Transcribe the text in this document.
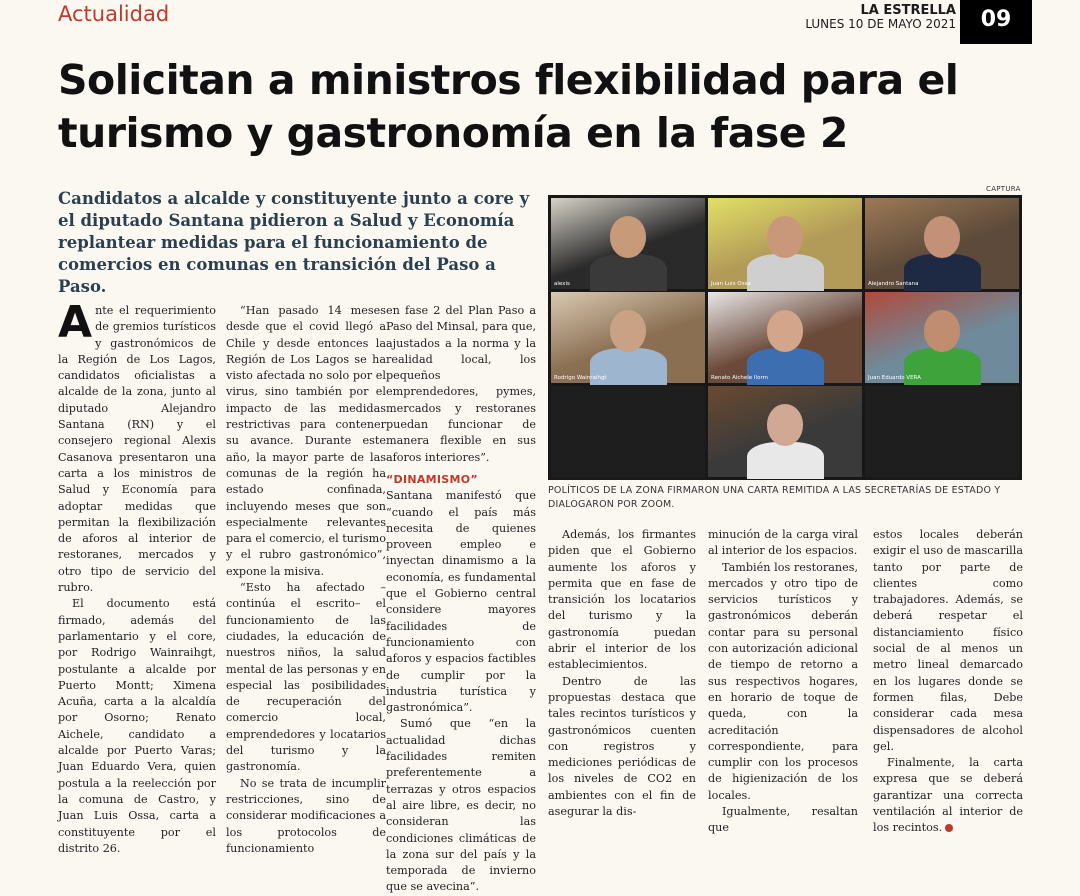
Actualidad	LA ESTRELLA
LUNES 10 DE MAYO 2021	09
Solicitan a ministros flexibilidad para el turismo y gastronomía en la fase 2
Candidatos a alcalde y constituyente junto a core y el diputado Santana pidieron a Salud y Economía replantear medidas para el funcionamiento de comercios en comunas en transición del Paso a Paso.
CAPTURA
alexis	Juan Luis Ossa	Alejandro Santana
Rodrigo Wainraihgt	Renato Aichele Ilorm	Juan Eduardo VERA
POLÍTICOS DE LA ZONA FIRMARON UNA CARTA REMITIDA A LAS SECRETARÍAS DE ESTADO Y DIALOGARON POR ZOOM.

Ante el requerimiento de gremios turísticos y gastronómicos de la Región de Los Lagos, candidatos oficialistas a alcalde de la zona, junto al diputado Alejandro Santana (RN) y el consejero regional Alexis Casanova presentaron una carta a los ministros de Salud y Economía para adoptar medidas que permitan la flexibilización de aforos al interior de restoranes, mercados y otro tipo de servicio del rubro.

El documento está firmado, además del parlamentario y el core, por Rodrigo Wainraihgt, postulante a alcalde por Puerto Montt; Ximena Acuña, carta a la alcaldía por Osorno; Renato Aichele, candidato a alcalde por Puerto Varas; Juan Eduardo Vera, quien postula a la reelección por la comuna de Castro, y Juan Luis Ossa, carta a constituyente por el distrito 26.

“Han pasado 14 meses desde que el covid llegó a Chile y desde entonces la Región de Los Lagos se ha visto afectada no solo por el virus, sino también por el impacto de las medidas restrictivas para contener su avance. Durante este año, la mayor parte de las comunas de la región ha estado confinada, incluyendo meses que son especialmente relevantes para el comercio, el turismo y el rubro gastronómico”, expone la misiva.

“Esto ha afectado –continúa el escrito– el funcionamiento de las ciudades, la educación de nuestros niños, la salud mental de las personas y en especial las posibilidades de recuperación del comercio local, emprendedores y locatarios del turismo y la gastronomía.

No se trata de incumplir restricciones, sino de considerar modificaciones a los protocolos de funcionamiento

en fase 2 del Plan Paso a Paso del Minsal, para que, ajustados a la norma y la realidad local, los pequeños emprendedores, pymes, mercados y restoranes puedan funcionar de manera flexible en sus aforos interiores”.

“DINAMISMO”

Santana manifestó que “cuando el país más necesita de quienes proveen empleo e inyectan dinamismo a la economía, es fundamental que el Gobierno central considere mayores facilidades de funcionamiento con aforos y espacios factibles de cumplir por la industria turística y gastronómica”.

Sumó que “en la actualidad dichas facilidades remiten preferentemente a terrazas y otros espacios al aire libre, es decir, no consideran las condiciones climáticas de la zona sur del país y la temporada de invierno que se avecina”.

Además, los firmantes piden que el Gobierno aumente los aforos y permita que en fase de transición los locatarios del turismo y la gastronomía puedan abrir el interior de los establecimientos.

Dentro de las propuestas destaca que tales recintos turísticos y gastronómicos cuenten con registros y mediciones periódicas de los niveles de CO2 en ambientes con el fin de asegurar la dis-

minución de la carga viral al interior de los espacios.

También los restoranes, mercados y otro tipo de servicios turísticos y gastronómicos deberán contar para su personal con autorización adicional de tiempo de retorno a sus respectivos hogares, en horario de toque de queda, con la acreditación correspondiente, para cumplir con los procesos de higienización de los locales.

Igualmente, resaltan que

estos locales deberán exigir el uso de mascarilla tanto por parte de clientes como trabajadores. Además, se deberá respetar el distanciamiento físico social de al menos un metro lineal demarcado en los lugares donde se formen filas, Debe considerar cada mesa dispensadores de alcohol gel.

Finalmente, la carta expresa que se deberá garantizar una correcta ventilación al interior de los recintos.
